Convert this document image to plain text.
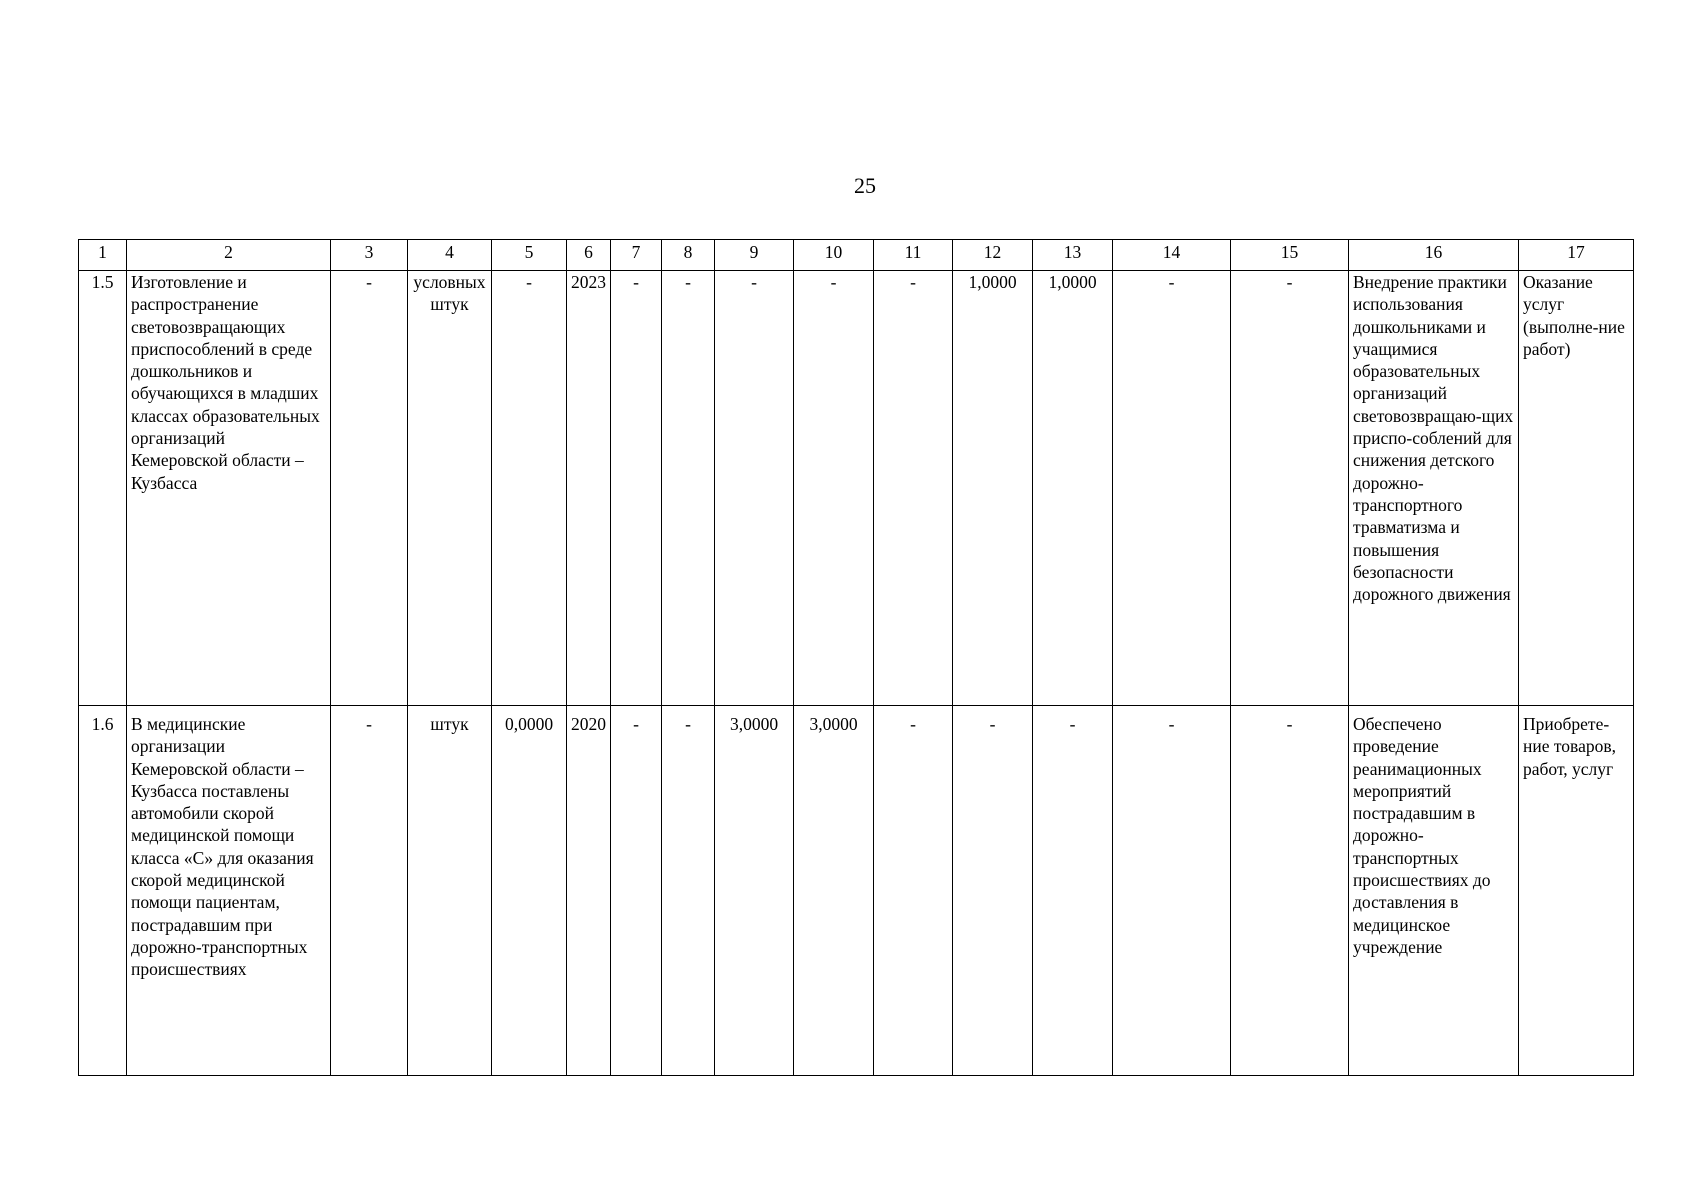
25
1	2	3	4	5	6	7	8	9	10	11	12	13	14	15	16	17
1.5	Изготовление и распространение световозвращающих приспособлений в среде дошкольников и обучающихся в младших классах образовательных организаций Кемеровской области – Кузбасса	-	условных штук	-	2023	-	-	-	-	-	1,0000	1,0000	-	-	Внедрение практики использования дошкольниками и учащимися образовательных организаций световозвращаю-щих приспо-соблений для снижения детского дорожно-транспортного травматизма и повышения безопасности дорожного движения	Оказание услуг (выполне-ние работ)
1.6	В медицинские организации Кемеровской области – Кузбасса поставлены автомобили скорой медицинской помощи класса «С» для оказания скорой медицинской помощи пациентам, пострадавшим при дорожно-транспортных происшествиях	-	штук	0,0000	2020	-	-	3,0000	3,0000	-	-	-	-	-	Обеспечено проведение реанимационных мероприятий пострадавшим в дорожно-транспортных происшествиях до доставления в медицинское учреждение	Приобрете-ние товаров, работ, услуг
